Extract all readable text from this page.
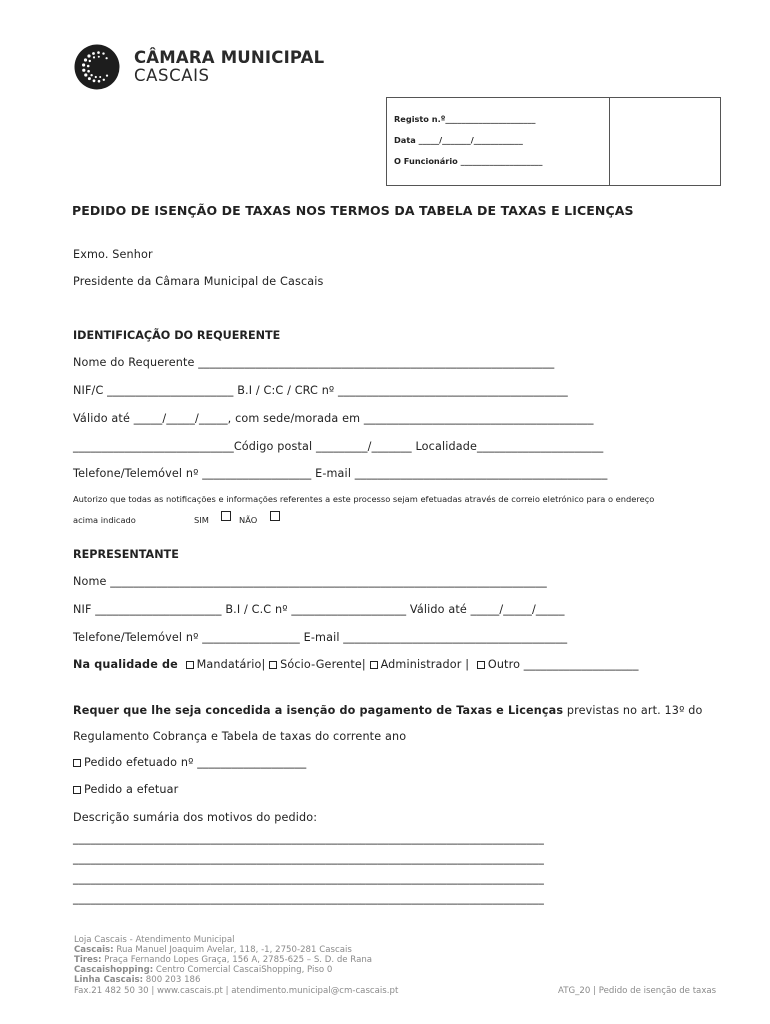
CÂMARA MUNICIPAL
CASCAIS
Registo n.º______________________
Data _____/_______/____________
O Funcionário ____________________
PEDIDO DE ISENÇÃO DE TAXAS NOS TERMOS DA TABELA DE TAXAS E LICENÇAS
Exmo. Senhor
Presidente da Câmara Municipal de Cascais
IDENTIFICAÇÃO DO REQUERENTE
Nome do Requerente ______________________________________________________________
NIF/C ______________________ B.I / C:C / CRC nº ________________________________________
Válido até _____/_____/_____, com sede/morada em ________________________________________
____________________________Código postal _________/_______ Localidade______________________
Telefone/Telemóvel nº ___________________ E-mail ____________________________________________
Autorizo que todas as notificações e informações referentes a este processo sejam efetuadas através de correio eletrónico para o endereço
acima indicado	SIM	NÃO
REPRESENTANTE
Nome ____________________________________________________________________________
NIF ______________________ B.I / C.C nº ____________________ Válido até _____/_____/_____
Telefone/Telemóvel nº _________________ E-mail _______________________________________
Na qualidade de Mandatário| Sócio-Gerente| Administrador | Outro ____________________
Requer que lhe seja concedida a isenção do pagamento de Taxas e Licenças previstas no art. 13º do
Regulamento Cobrança e Tabela de taxas do corrente ano
Pedido efetuado nº ___________________
Pedido a efetuar
Descrição sumária dos motivos do pedido:
__________________________________________________________________________________
__________________________________________________________________________________
__________________________________________________________________________________
__________________________________________________________________________________
Loja Cascais - Atendimento Municipal
Cascais: Rua Manuel Joaquim Avelar, 118, -1, 2750-281 Cascais
Tires: Praça Fernando Lopes Graça, 156 A, 2785-625 – S. D. de Rana
Cascaishopping: Centro Comercial CascaiShopping, Piso 0
Linha Cascais: 800 203 186
Fax.21 482 50 30 | www.cascais.pt | atendimento.municipal@cm-cascais.pt	ATG_20 | Pedido de isenção de taxas
